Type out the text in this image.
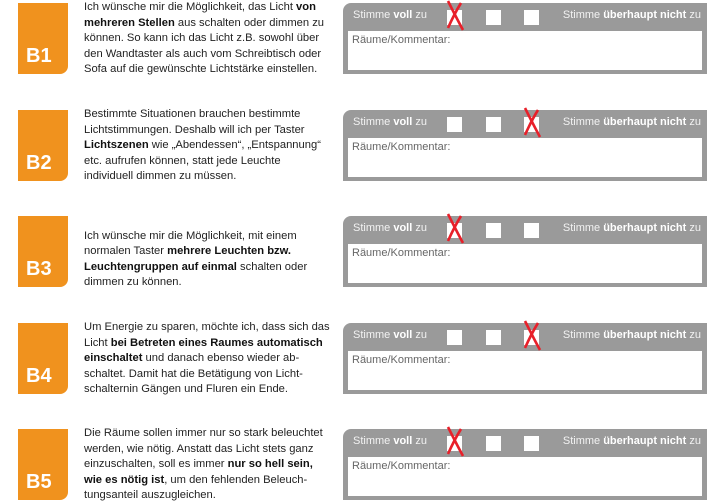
B1
Ich wünsche mir die Möglichkeit, das Licht von
mehreren Stellen aus schalten oder dimmen zu
können. So kann ich das Licht z.B. sowohl über
den Wandtaster als auch vom Schreibtisch oder
Sofa auf die gewünschte Lichtstärke einstellen.
Stimme voll zu	Stimme überhaupt nicht zu
Räume/Kommentar:
B2
Bestimmte Situationen brauchen bestimmte
Lichtstimmungen. Deshalb will ich per Taster
Lichtszenen wie „Abendessen“, „Entspannung“
etc. aufrufen können, statt jede Leuchte
individuell dimmen zu müssen.
Stimme voll zu	Stimme überhaupt nicht zu
Räume/Kommentar:
B3
Ich wünsche mir die Möglichkeit, mit einem
normalen Taster mehrere Leuchten bzw.
Leuchtengruppen auf einmal schalten oder
dimmen zu können.
Stimme voll zu	Stimme überhaupt nicht zu
Räume/Kommentar:
B4
Um Energie zu sparen, möchte ich, dass sich das
Licht bei Betreten eines Raumes automatisch
einschaltet und danach ebenso wieder ab-
schaltet. Damit hat die Betätigung von Licht-
schalternin Gängen und Fluren ein Ende.
Stimme voll zu	Stimme überhaupt nicht zu
Räume/Kommentar:
B5
Die Räume sollen immer nur so stark beleuchtet
werden, wie nötig. Anstatt das Licht stets ganz
einzuschalten, soll es immer nur so hell sein,
wie es nötig ist, um den fehlenden Beleuch-
tungsanteil auszugleichen.
Stimme voll zu	Stimme überhaupt nicht zu
Räume/Kommentar:
